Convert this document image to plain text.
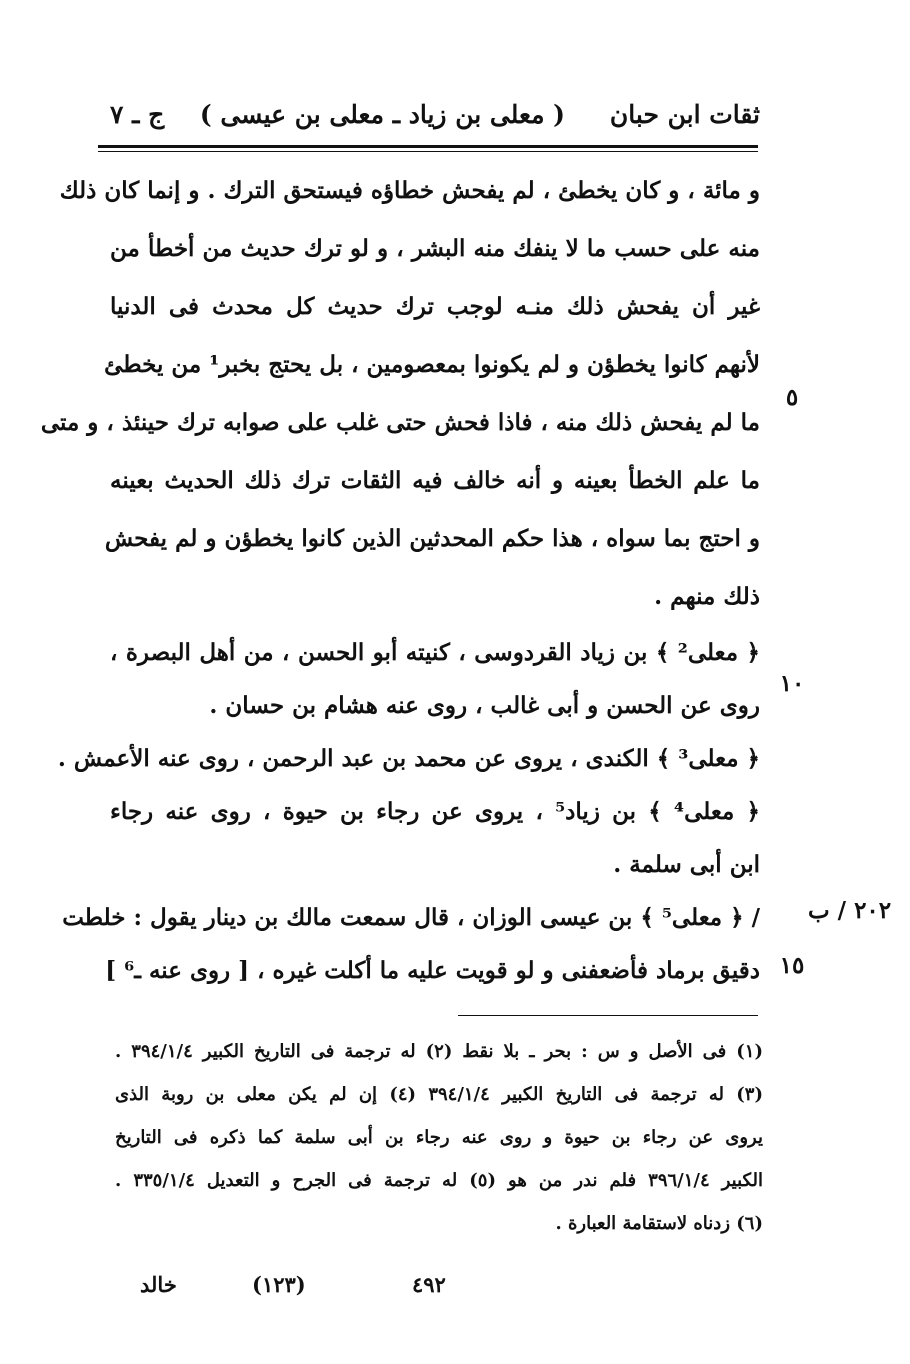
ثقات ابن حبان
( معلى بن زياد ـ معلى بن عيسى )
ج ـ ٧
و مائة ، و كان يخطئ ، لم يفحش خطاؤه فيستحق الترك . و إنما كان ذلك
منه على حسب ما لا ينفك منه البشر ، و لو ترك حديث من أخطأ من
غير أن يفحش ذلك منـه لوجب ترك حديث كل محدث فى الدنيا
لأنهم كانوا يخطؤن و لم يكونوا بمعصومين ، بل يحتج بخبر¹ من يخطئ
ما لم يفحش ذلك منه ، فاذا فحش حتى غلب على صوابه ترك حينئذ ، و متى
ما علم الخطأ بعينه و أنه خالف فيه الثقات ترك ذلك الحديث بعينه
و احتج بما سواه ، هذا حكم المحدثين الذين كانوا يخطؤن و لم يفحش
ذلك منهم .
﴿ معلى² ﴾ بن زياد القردوسى ، كنيته أبو الحسن ، من أهل البصرة ،
روى عن الحسن و أبى غالب ، روى عنه هشام بن حسان .
﴿ معلى³ ﴾ الكندى ، يروى عن محمد بن عبد الرحمن ، روى عنه الأعمش .
﴿ معلى⁴ ﴾ بن زياد⁵ ، يروى عن رجاء بن حيوة ، روى عنه رجاء
ابن أبى سلمة .
/ ﴿ معلى⁵ ﴾ بن عيسى الوزان ، قال سمعت مالك بن دينار يقول : خلطت
دقيق برماد فأضعفنى و لو قويت عليه ما أكلت غيره ، [ روى عنه ـ⁶ ]
٥
١٠
١٥
٢٠٢ / ب
(١) فى الأصل و س : بحر ـ بلا نقط (٢) له ترجمة فى التاريخ الكبير ٣٩٤/١/٤ .
(٣) له ترجمة فى التاريخ الكبير ٣٩٤/١/٤ (٤) إن لم يكن معلى بن روبة الذى
يروى عن رجاء بن حيوة و روى عنه رجاء بن أبى سلمة كما ذكره فى التاريخ
الكبير ٣٩٦/١/٤ فلم ندر من هو (٥) له ترجمة فى الجرح و التعديل ٣٣٥/١/٤ .
(٦) زدناه لاستقامة العبارة .
خالد	(١٢٣)	٤٩٢
